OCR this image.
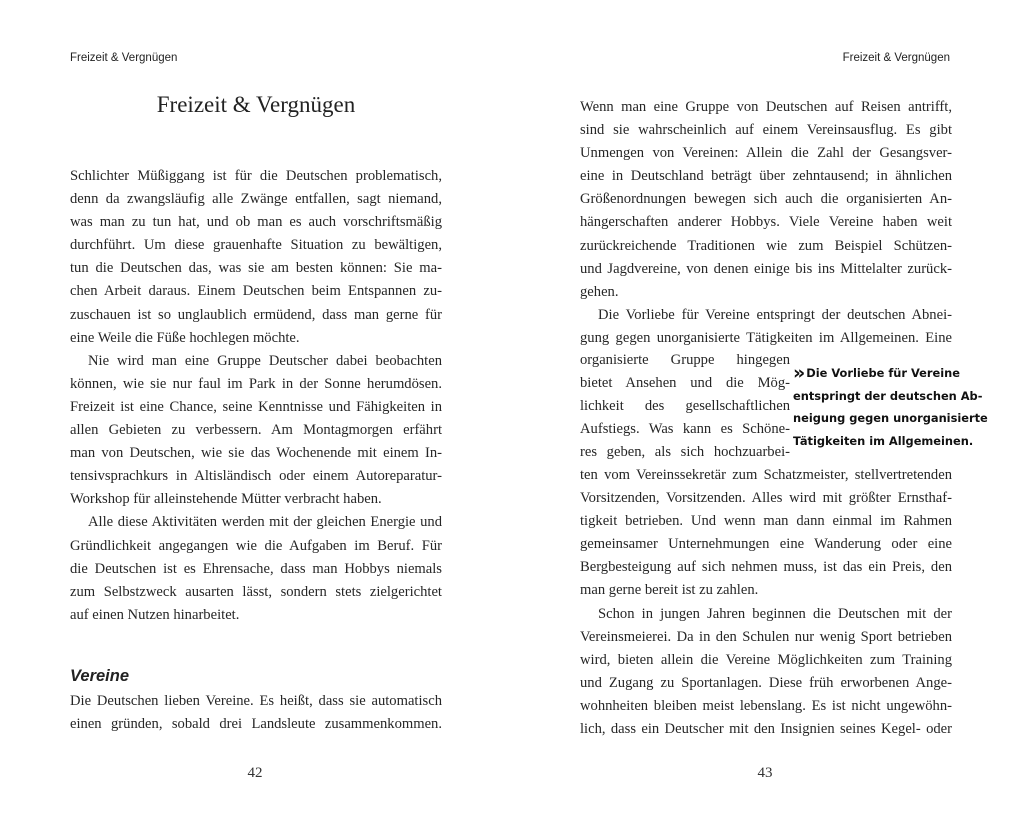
Freizeit & Vergnügen
Freizeit & Vergnügen
Schlichter Müßiggang ist für die Deutschen problematisch,
denn da zwangsläufig alle Zwänge entfallen, sagt niemand,
was man zu tun hat, und ob man es auch vorschriftsmäßig
durchführt. Um diese grauenhafte Situation zu bewältigen,
tun die Deutschen das, was sie am besten können: Sie ma-
chen Arbeit daraus. Einem Deutschen beim Entspannen zu-
zuschauen ist so unglaublich ermüdend, dass man gerne für
eine Weile die Füße hochlegen möchte.
Nie wird man eine Gruppe Deutscher dabei beobachten
können, wie sie nur faul im Park in der Sonne herumdösen.
Freizeit ist eine Chance, seine Kenntnisse und Fähigkeiten in
allen Gebieten zu verbessern. Am Montagmorgen erfährt
man von Deutschen, wie sie das Wochenende mit einem In-
tensivsprachkurs in Altisländisch oder einem Autoreparatur-
Workshop für alleinstehende Mütter verbracht haben.
Alle diese Aktivitäten werden mit der gleichen Energie und
Gründlichkeit angegangen wie die Aufgaben im Beruf. Für
die Deutschen ist es Ehrensache, dass man Hobbys niemals
zum Selbstzweck ausarten lässt, sondern stets zielgerichtet
auf einen Nutzen hinarbeitet.
Vereine
Die Deutschen lieben Vereine. Es heißt, dass sie automatisch
einen gründen, sobald drei Landsleute zusammenkommen.
42
Freizeit & Vergnügen
Wenn man eine Gruppe von Deutschen auf Reisen antrifft,
sind sie wahrscheinlich auf einem Vereinsausflug. Es gibt
Unmengen von Vereinen: Allein die Zahl der Gesangsver-
eine in Deutschland beträgt über zehntausend; in ähnlichen
Größenordnungen bewegen sich auch die organisierten An-
hängerschaften anderer Hobbys. Viele Vereine haben weit
zurückreichende Traditionen wie zum Beispiel Schützen-
und Jagdvereine, von denen einige bis ins Mittelalter zurück-
gehen.
Die Vorliebe für Vereine entspringt der deutschen Abnei-
gung gegen unorganisierte Tätigkeiten im Allgemeinen. Eine
organisierte Gruppe hingegen
bietet Ansehen und die Mög-
lichkeit des gesellschaftlichen
Aufstiegs. Was kann es Schöne-
res geben, als sich hochzuarbei-
»Die Vorliebe für Vereine
entspringt der deutschen Ab-
neigung gegen unorganisierte
Tätigkeiten im Allgemeinen.
ten vom Vereinssekretär zum Schatzmeister, stellvertretenden
Vorsitzenden, Vorsitzenden. Alles wird mit größter Ernsthaf-
tigkeit betrieben. Und wenn man dann einmal im Rahmen
gemeinsamer Unternehmungen eine Wanderung oder eine
Bergbesteigung auf sich nehmen muss, ist das ein Preis, den
man gerne bereit ist zu zahlen.
Schon in jungen Jahren beginnen die Deutschen mit der
Vereinsmeierei. Da in den Schulen nur wenig Sport betrieben
wird, bieten allein die Vereine Möglichkeiten zum Training
und Zugang zu Sportanlagen. Diese früh erworbenen Ange-
wohnheiten bleiben meist lebenslang. Es ist nicht ungewöhn-
lich, dass ein Deutscher mit den Insignien seines Kegel- oder
43
